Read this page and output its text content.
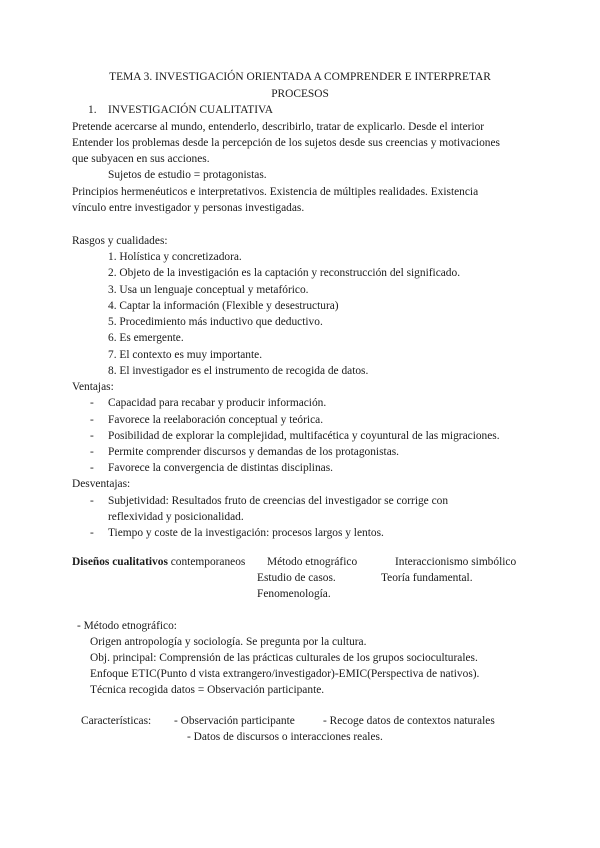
TEMA 3. INVESTIGACIÓN ORIENTADA A COMPRENDER E INTERPRETAR
PROCESOS
1. INVESTIGACIÓN CUALITATIVA
Pretende acercarse al mundo, entenderlo, describirlo, tratar de explicarlo. Desde el interior
Entender los problemas desde la percepción de los sujetos desde sus creencias y motivaciones
que subyacen en sus acciones.
Sujetos de estudio = protagonistas.
Principios hermenéuticos e interpretativos. Existencia de múltiples realidades. Existencia
vínculo entre investigador y personas investigadas.
Rasgos y cualidades:
1. Holística y concretizadora.
2. Objeto de la investigación es la captación y reconstrucción del significado.
3. Usa un lenguaje conceptual y metafórico.
4. Captar la información (Flexible y desestructura)
5. Procedimiento más inductivo que deductivo.
6. Es emergente.
7. El contexto es muy importante.
8. El investigador es el instrumento de recogida de datos.
Ventajas:
- Capacidad para recabar y producir información.
- Favorece la reelaboración conceptual y teórica.
- Posibilidad de explorar la complejidad, multifacética y coyuntural de las migraciones.
- Permite comprender discursos y demandas de los protagonistas.
- Favorece la convergencia de distintas disciplinas.
Desventajas:
- Subjetividad: Resultados fruto de creencias del investigador se corrige con
reflexividad y posicionalidad.
- Tiempo y coste de la investigación: procesos largos y lentos.
Diseños cualitativos contemporaneos Método etnográfico	Interaccionismo simbólico
Estudio de casos.	Teoría fundamental.
Fenomenología.
- Método etnográfico:
Origen antropología y sociología. Se pregunta por la cultura.
Obj. principal: Comprensión de las prácticas culturales de los grupos socioculturales.
Enfoque ETIC(Punto d vista extrangero/investigador)-EMIC(Perspectiva de nativos).
Técnica recogida datos = Observación participante.
Características: - Observación participante - Recoge datos de contextos naturales
- Datos de discursos o interacciones reales.
